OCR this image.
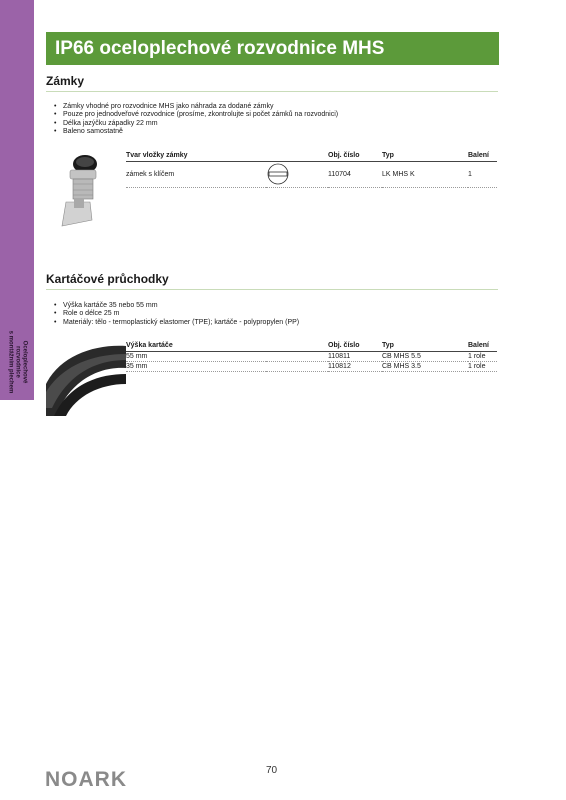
Oceloplechové
rozvodnice
s montážním plechem
IP66 oceloplechové rozvodnice MHS
Zámky
• Zámky vhodné pro rozvodnice MHS jako náhrada za dodané zámky
• Pouze pro jednodveřové rozvodnice (prosíme, zkontrolujte si počet zámků na rozvodnici)
• Délka jazýčku západky 22 mm
• Baleno samostatně
Tvar vložky zámky		Obj. číslo	Typ	Balení
zámek s klíčem		110704	LK MHS K	1
Kartáčové průchodky
• Výška kartáče 35 nebo 55 mm
• Role o délce 25 m
• Materiály: tělo - termoplastický elastomer (TPE); kartáče - polypropylen (PP)
Výška kartáče		Obj. číslo	Typ	Balení
55 mm		110811	CB MHS 5.5	1 role
35 mm		110812	CB MHS 3.5	1 role
NOARK	70
